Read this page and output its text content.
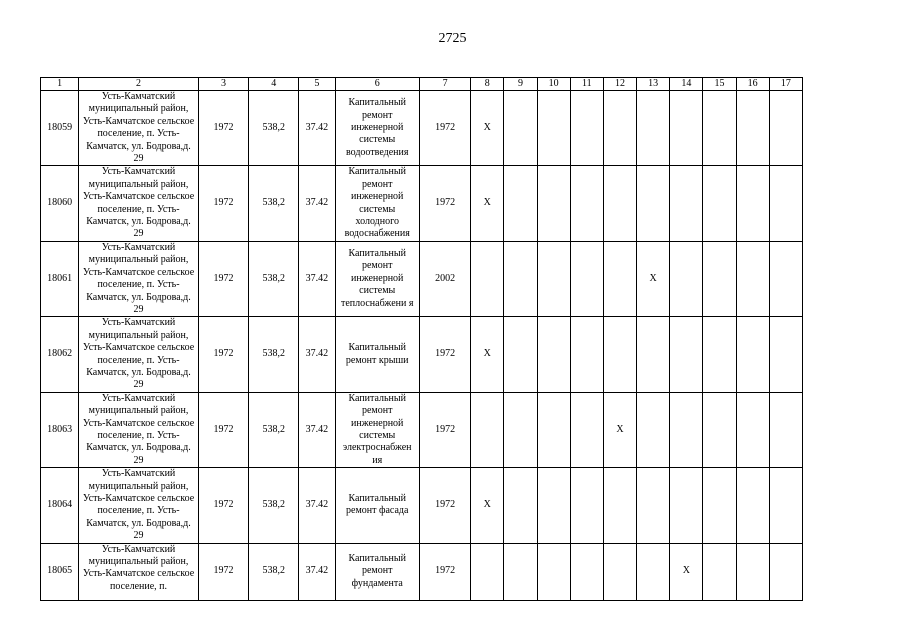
2725
1	2	3	4	5	6	7	8	9	10	11	12	13	14	15	16	17
18059	Усть-Камчатский муниципальный район, Усть-Камчатское сельское поселение, п. Усть-Камчатск, ул. Бодрова,д. 29	1972	538,2	37.42	Капитальный ремонт инженерной системы водоотведения	1972	X									
18060	Усть-Камчатский муниципальный район, Усть-Камчатское сельское поселение, п. Усть-Камчатск, ул. Бодрова,д. 29	1972	538,2	37.42	Капитальный ремонт инженерной системы холодного водоснабжения	1972	X									
18061	Усть-Камчатский муниципальный район, Усть-Камчатское сельское поселение, п. Усть-Камчатск, ул. Бодрова,д. 29	1972	538,2	37.42	Капитальный ремонт инженерной системы теплоснабжени я	2002						X				
18062	Усть-Камчатский муниципальный район, Усть-Камчатское сельское поселение, п. Усть-Камчатск, ул. Бодрова,д. 29	1972	538,2	37.42	Капитальный ремонт крыши	1972	X									
18063	Усть-Камчатский муниципальный район, Усть-Камчатское сельское поселение, п. Усть-Камчатск, ул. Бодрова,д. 29	1972	538,2	37.42	Капитальный ремонт инженерной системы электроснабжен ия	1972					X					
18064	Усть-Камчатский муниципальный район, Усть-Камчатское сельское поселение, п. Усть-Камчатск, ул. Бодрова,д. 29	1972	538,2	37.42	Капитальный ремонт фасада	1972	X									
18065	Усть-Камчатский муниципальный район, Усть-Камчатское сельское поселение, п.	1972	538,2	37.42	Капитальный ремонт фундамента	1972							X			
